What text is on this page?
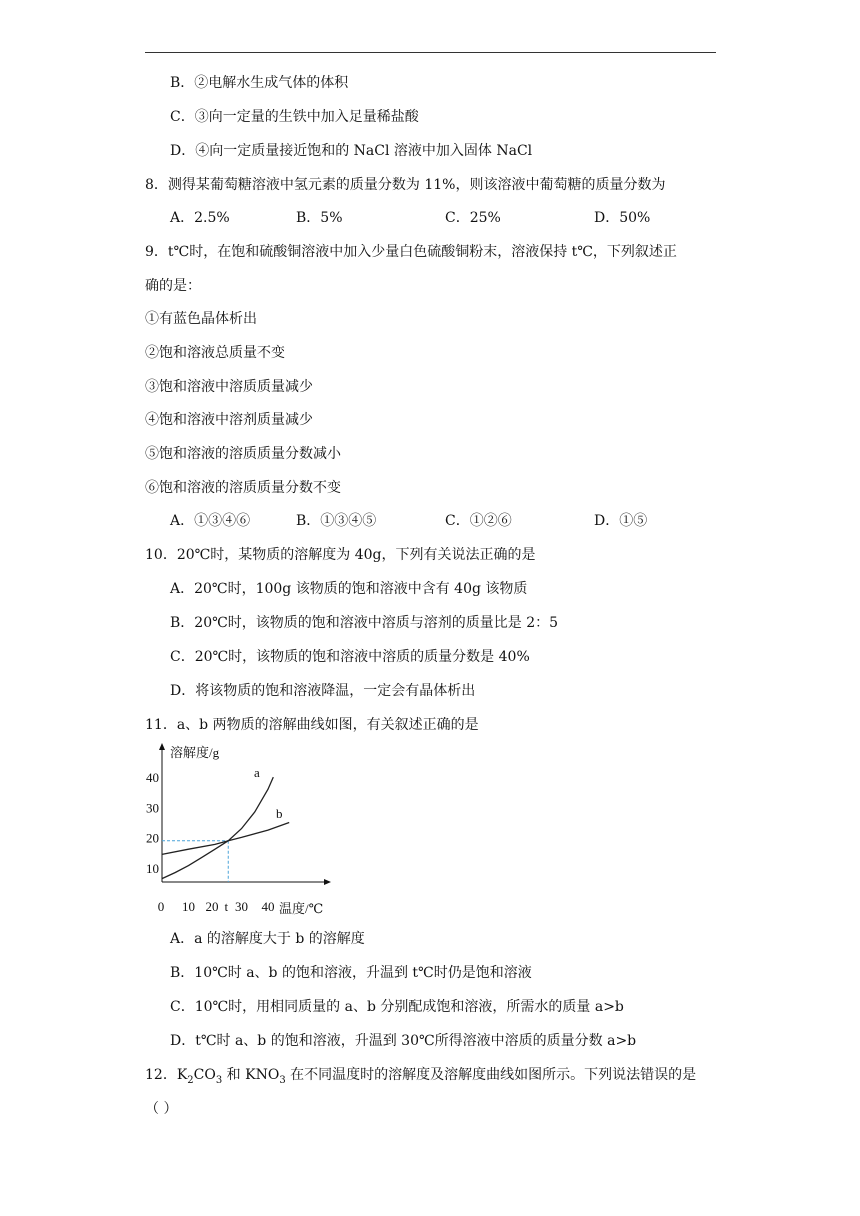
B．②电解水生成气体的体积
C．③向一定量的生铁中加入足量稀盐酸
D．④向一定质量接近饱和的 NaCl 溶液中加入固体 NaCl
8．测得某葡萄糖溶液中氢元素的质量分数为 11%，则该溶液中葡萄糖的质量分数为
A．2.5%	B．5%	C．25%	D．50%
9．t℃时，在饱和硫酸铜溶液中加入少量白色硫酸铜粉末，溶液保持 t℃，下列叙述正
确的是：
①有蓝色晶体析出
②饱和溶液总质量不变
③饱和溶液中溶质质量减少
④饱和溶液中溶剂质量减少
⑤饱和溶液的溶质质量分数减小
⑥饱和溶液的溶质质量分数不变
A．①③④⑥	B．①③④⑤	C．①②⑥	D．①⑤
10．20℃时，某物质的溶解度为 40g，下列有关说法正确的是
A．20℃时，100g 该物质的饱和溶液中含有 40g 该物质
B．20℃时，该物质的饱和溶液中溶质与溶剂的质量比是 2：5
C．20℃时，该物质的饱和溶液中溶质的质量分数是 40%
D．将该物质的饱和溶液降温，一定会有晶体析出
11．a、b 两物质的溶解曲线如图，有关叙述正确的是
溶解度/g
温度/℃
0 10 20 t 30 40
10
20
30
40	a
b
A．a 的溶解度大于 b 的溶解度
B．10℃时 a、b 的饱和溶液，升温到 t℃时仍是饱和溶液
C．10℃时，用相同质量的 a、b 分别配成饱和溶液，所需水的质量 a>b
D．t℃时 a、b 的饱和溶液，升温到 30℃所得溶液中溶质的质量分数 a>b
12．$K_2CO_3$ 和 $KNO_3$ 在不同温度时的溶解度及溶解度曲线如图所示。下列说法错误的是
（ ）
